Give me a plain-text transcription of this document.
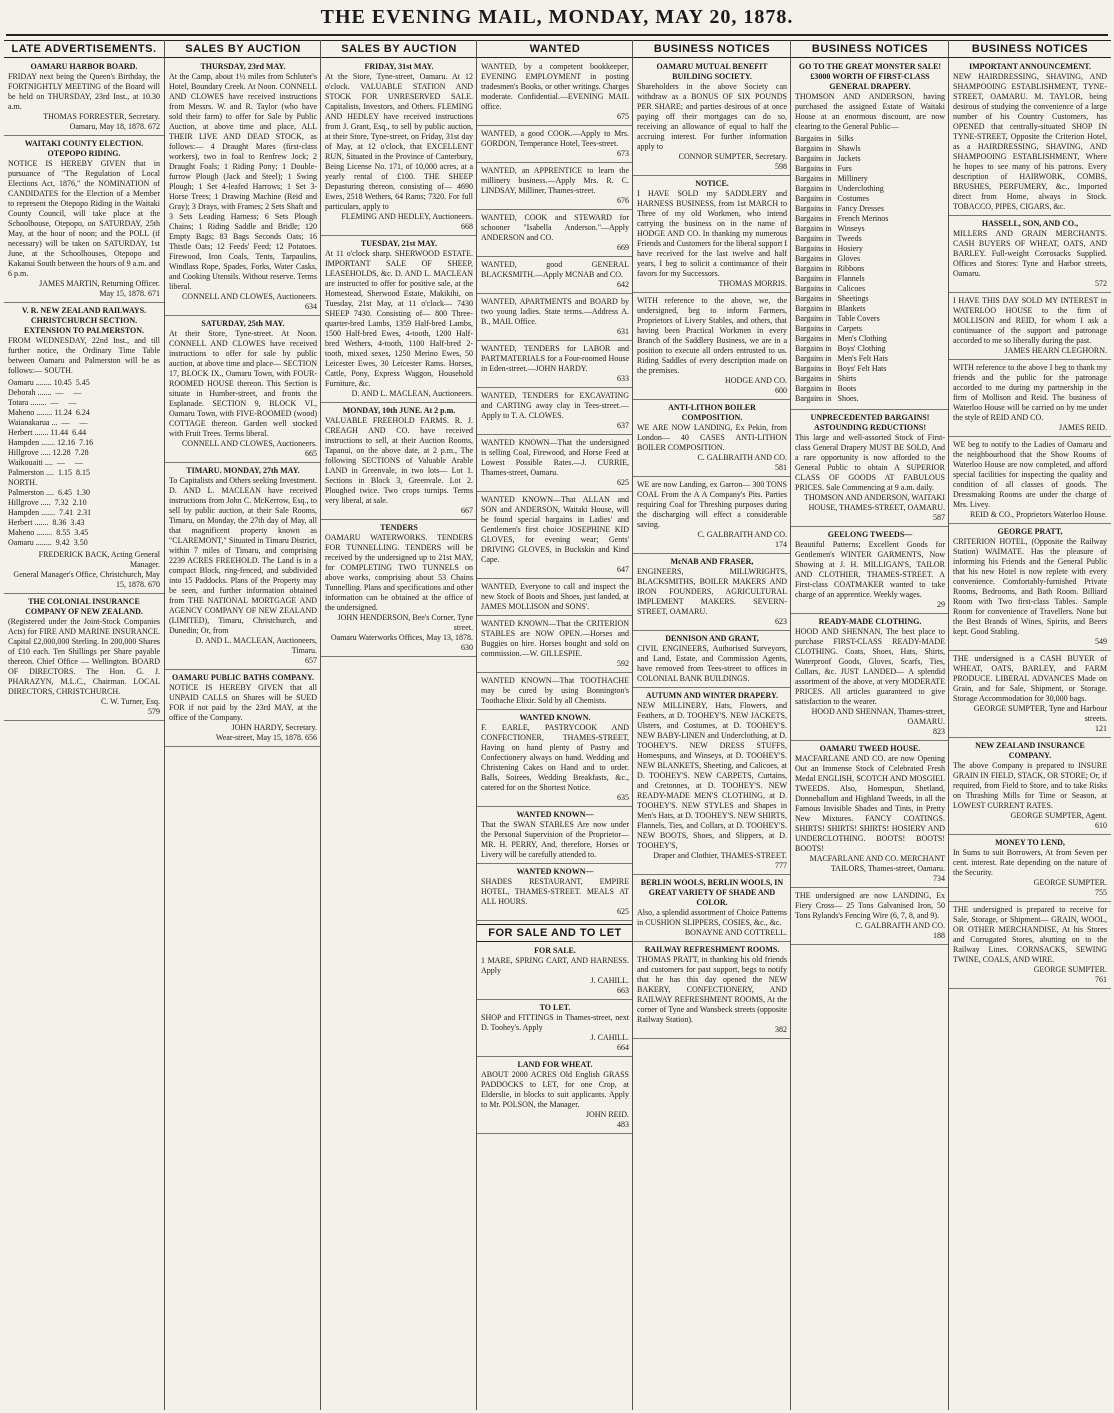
THE EVENING MAIL, MONDAY, MAY 20, 1878.
LATE ADVERTISEMENTS.
OAMARU HARBOR BOARD.
FRIDAY next being the Queen's Birthday, the FORTNIGHTLY MEETING of the Board will be held on THURSDAY, 23rd Inst., at 10.30 a.m.
THOMAS FORRESTER, Secretary.
Oamaru, May 18, 1878. 672
WAITAKI COUNTY ELECTION. OTEPOPO RIDING.
NOTICE IS HEREBY GIVEN that in pursuance of "The Regulation of Local Elections Act, 1876," the NOMINATION of CANDIDATES for the Election of a Member to represent the Otepopo Riding in the Waitaki County Council, will take place at the Schoolhouse, Otepopo, on SATURDAY, 25th May, at the hour of noon; and the POLL (if necessary) will be taken on SATURDAY, 1st June, at the Schoolhouses, Otepopo and Kakanui South between the hours of 9 a.m. and 6 p.m.
JAMES MARTIN, Returning Officer.
May 15, 1878. 671
V. R. NEW ZEALAND RAILWAYS. CHRISTCHURCH SECTION. EXTENSION TO PALMERSTON.
FROM WEDNESDAY, 22nd Inst., and till further notice, the Ordinary Time Table between Oamaru and Palmerston will be as follows:— SOUTH.
Oamaru ........ 10.45  5.45
Deborah .......  —     —
Totara ........  —     —
Maheno ........ 11.24  6.24
Waianakarua ...  —     —
Herbert ....... 11.44  6.44
Hampden ....... 12.16  7.16
Hillgrove ..... 12.28  7.28
Waikouaiti ....  —     —
Palmerston ....  1.15  8.15
NORTH.
Palmerston ....  6.45  1.30
Hillgrove .....  7.32  2.10
Hampden .......  7.41  2.31
Herbert .......  8.36  3.43
Maheno ........  8.55  3.45
Oamaru ........  9.42  3.50
FREDERICK BACK, Acting General Manager.
General Manager's Office, Christchurch, May 15, 1878. 670
THE COLONIAL INSURANCE COMPANY OF NEW ZEALAND.
(Registered under the Joint-Stock Companies Acts) for FIRE AND MARINE INSURANCE. Capital £2,000,000 Sterling. In 200,000 Shares of £10 each. Ten Shillings per Share payable thereon. Chief Office — Wellington. BOARD OF DIRECTORS. The Hon. G. J. PHARAZYN, M.L.C., Chairman. LOCAL DIRECTORS, CHRISTCHURCH.
C. W. Turner, Esq.
579
SALES BY AUCTION
THURSDAY, 23rd MAY.
At the Camp, about 1½ miles from Schluter's Hotel, Boundary Creek. At Noon. CONNELL AND CLOWES have received instructions from Messrs. W. and R. Taylor (who have sold their farm) to offer for Sale by Public Auction, at above time and place, ALL THEIR LIVE AND DEAD STOCK, as follows:— 4 Draught Mares (first-class workers), two in foal to Renfrew Jock; 2 Draught Foals; 1 Riding Pony; 1 Double-furrow Plough (Jack and Steel); 1 Swing Plough; 1 Set 4-leafed Harrows; 1 Set 3-Horse Trees; 1 Drawing Machine (Reid and Gray); 3 Drays, with Frames; 2 Sets Shaft and 3 Sets Leading Harness; 6 Sets Plough Chains; 1 Riding Saddle and Bridle; 120 Empty Bags; 83 Bags Seconds Oats; 16 Thistle Oats; 12 Feeds' Feed; 12 Potatoes. Firewood, Iron Coals, Tents, Tarpaulins, Windlass Rope, Spades, Forks, Water Casks, and Cooking Utensils. Without reserve. Terms liberal.
CONNELL AND CLOWES, Auctioneers.
634
SATURDAY, 25th MAY.
At their Store, Tyne-street. At Noon. CONNELL AND CLOWES have received instructions to offer for sale by public auction, at above time and place— SECTION 17, BLOCK IX., Oamaru Town, with FOUR-ROOMED HOUSE thereon. This Section is situate in Humber-street, and fronts the Esplanade. SECTION 9, BLOCK VI., Oamaru Town, with FIVE-ROOMED (wood) COTTAGE thereon. Garden well stocked with Fruit Trees. Terms liberal.
CONNELL AND CLOWES, Auctioneers.
665
TIMARU. MONDAY, 27th MAY.
To Capitalists and Others seeking Investment. D. AND L. MACLEAN have received instructions from John C. McKerrow, Esq., to sell by public auction, at their Sale Rooms, Timaru, on Monday, the 27th day of May, all that magnificent property known as "CLAREMONT," Situated in Timaru District, within 7 miles of Timaru, and comprising 2239 ACRES FREEHOLD. The Land is in a compact Block, ring-fenced, and subdivided into 15 Paddocks. Plans of the Property may be seen, and further information obtained from THE NATIONAL MORTGAGE AND AGENCY COMPANY OF NEW ZEALAND (LIMITED), Timaru, Christchurch, and Dunedin; Or, from
D. AND L. MACLEAN, Auctioneers, Timaru.
657
OAMARU PUBLIC BATHS COMPANY.
NOTICE IS HEREBY GIVEN that all UNPAID CALLS on Shares will be SUED FOR if not paid by the 23rd MAY, at the office of the Company.
JOHN HARDY, Secretary.
Wear-street, May 15, 1878. 656
SALES BY AUCTION
FRIDAY, 31st MAY.
At the Store, Tyne-street, Oamaru. At 12 o'clock. VALUABLE STATION AND STOCK FOR UNRESERVED SALE. Capitalists, Investors, and Others. FLEMING AND HEDLEY have received instructions from J. Grant, Esq., to sell by public auction, at their Store, Tyne-street, on Friday, 31st day of May, at 12 o'clock, that EXCELLENT RUN, Situated in the Province of Canterbury, Being License No. 171, of 10,000 acres, at a yearly rental of £100. THE SHEEP Depasturing thereon, consisting of— 4690 Ewes, 2518 Wethers, 64 Rams; 7320. For full particulars, apply to
FLEMING AND HEDLEY, Auctioneers.
668
TUESDAY, 21st MAY.
At 11 o'clock sharp. SHERWOOD ESTATE. IMPORTANT SALE OF SHEEP, LEASEHOLDS, &c. D. AND L. MACLEAN are instructed to offer for positive sale, at the Homestead, Sherwood Estate, Makikihi, on Tuesday, 21st May, at 11 o'clock— 7430 SHEEP 7430. Consisting of— 800 Three-quarter-bred Lambs, 1359 Half-bred Lambs, 1500 Half-bred Ewes, 4-tooth, 1200 Half-bred Wethers, 4-tooth, 1100 Half-bred 2-tooth, mixed sexes, 1250 Merino Ewes, 50 Leicester Ewes, 30 Leicester Rams. Horses, Cattle, Pony, Express Waggon, Household Furniture, &c.
D. AND L. MACLEAN, Auctioneers.
MONDAY, 10th JUNE. At 2 p.m.
VALUABLE FREEHOLD FARMS. R. J. CREAGH AND CO. have received instructions to sell, at their Auction Rooms, Tapanui, on the above date, at 2 p.m., The following SECTIONS of Valuable Arable LAND in Greenvale, in two lots— Lot 1. Sections in Block 3, Greenvale. Lot 2. Ploughed twice. Two crops turnips. Terms very liberal, at sale.
667
TENDERS
OAMARU WATERWORKS. TENDERS FOR TUNNELLING. TENDERS will be received by the undersigned up to 21st MAY, for COMPLETING TWO TUNNELS on above works, comprising about 53 Chains Tunnelling. Plans and specifications and other information can be obtained at the office of the undersigned.
JOHN HENDERSON, Bee's Corner, Tyne street.
Oamaru Waterworks Offices, May 13, 1878. 630
WANTED
WANTED, by a competent bookkeeper, EVENING EMPLOYMENT in posting tradesmen's Books, or other writings. Charges moderate. Confidential.—EVENING MAIL office.
675
WANTED, a good COOK.—Apply to Mrs. GORDON, Temperance Hotel, Tees-street.
673
WANTED, an APPRENTICE to learn the millinery business.—Apply Mrs. R. C. LINDSAY, Milliner, Thames-street.
676
WANTED, COOK and STEWARD for schooner "Isabella Anderson."—Apply ANDERSON and CO.
669
WANTED, good GENERAL BLACKSMITH.—Apply MCNAB and CO.
642
WANTED, APARTMENTS and BOARD by two young ladies. State terms.—Address A. B., MAIL Office.
631
WANTED, TENDERS for LABOR and PARTMATERIALS for a Four-roomed House in Eden-street.—JOHN HARDY.
633
WANTED, TENDERS for EXCAVATING and CARTING away clay in Tees-street.—Apply to T. A. CLOWES.
637
WANTED KNOWN—That the undersigned is selling Coal, Firewood, and Horse Feed at Lowest Possible Rates.—J. CURRIE, Thames-street, Oamaru.
625
WANTED KNOWN—That ALLAN and SON and ANDERSON, Waitaki House, will be found special bargains in Ladies' and Gentlemen's first choice JOSEPHINE KID GLOVES, for evening wear; Gents' DRIVING GLOVES, in Buckskin and Kind Cape.
647
WANTED, Everyone to call and inspect the new Stock of Boots and Shoes, just landed, at JAMES MOLLISON and SONS'.
WANTED KNOWN—That the CRITERION STABLES are NOW OPEN.—Horses and Buggies on hire. Horses bought and sold on commission.—W. GILLESPIE.
592
WANTED KNOWN—That TOOTHACHE may be cured by using Bonnington's Toothache Elixir. Sold by all Chemists.
WANTED KNOWN.
F. EARLE, PASTRYCOOK AND CONFECTIONER, THAMES-STREET, Having on hand plenty of Pastry and Confectionery always on hand. Wedding and Christening Cakes on Hand and to order. Balls, Soirees, Wedding Breakfasts, &c., catered for on the Shortest Notice.
635
WANTED KNOWN—
That the SWAN STABLES Are now under the Personal Supervision of the Proprietor—MR. H. PERRY, And, therefore, Horses or Livery will be carefully attended to.
WANTED KNOWN—
SHADES RESTAURANT, EMPIRE HOTEL, THAMES-STREET. MEALS AT ALL HOURS.
625
FOR SALE AND TO LET
FOR SALE.
1 MARE, SPRING CART, AND HARNESS. Apply
J. CAHILL.
663
TO LET.
SHOP and FITTINGS in Thames-street, next D. Toohey's. Apply
J. CAHILL.
664
LAND FOR WHEAT.
ABOUT 2000 ACRES Old English GRASS PADDOCKS to LET, for one Crop, at Elderslie, in blocks to suit applicants. Apply to Mr. POLSON, the Manager.
JOHN REID.
483
BUSINESS NOTICES
OAMARU MUTUAL BENEFIT BUILDING SOCIETY.
Shareholders in the above Society can withdraw as a BONUS OF SIX POUNDS PER SHARE; and parties desirous of at once paying off their mortgages can do so, receiving an allowance of equal to half the accruing interest. For further information apply to
CONNOR SUMPTER, Secretary.
598
NOTICE.
I HAVE SOLD my SADDLERY and HARNESS BUSINESS, from 1st MARCH to Three of my old Workmen, who intend carrying the business on in the name of HODGE AND CO. In thanking my numerous Friends and Customers for the liberal support I have received for the last twelve and half years, I beg to solicit a continuance of their favors for my Successors.
THOMAS MORRIS.
WITH reference to the above, we, the undersigned, beg to inform Farmers, Proprietors of Livery Stables, and others, that having been Practical Workmen in every Branch of the Saddlery Business, we are in a position to execute all orders entrusted to us. Riding Saddles of every description made on the premises.
HODGE AND CO.
600
ANTI-LITHON BOILER COMPOSITION.
WE ARE NOW LANDING, Ex Pekin, from London— 40 CASES ANTI-LITHON BOILER COMPOSITION.
C. GALBRAITH AND CO.
581
WE are now Landing, ex Garron— 300 TONS COAL From the A A Company's Pits. Parties requiring Coal for Threshing purposes during the discharging will effect a considerable saving.
C. GALBRAITH AND CO.
174
McNAB AND FRASER,
ENGINEERS, MILLWRIGHTS, BLACKSMITHS, BOILER MAKERS AND IRON FOUNDERS, AGRICULTURAL IMPLEMENT MAKERS. SEVERN-STREET, OAMARU.
623
DENNISON AND GRANT,
CIVIL ENGINEERS, Authorised Surveyors, and Land, Estate, and Commission Agents, have removed from Tees-street to offices in COLONIAL BANK BUILDINGS.
AUTUMN AND WINTER DRAPERY.
NEW MILLINERY, Hats, Flowers, and Feathers, at D. TOOHEY'S. NEW JACKETS, Ulsters, and Costumes, at D. TOOHEY'S. NEW BABY-LINEN and Underclothing, at D. TOOHEY'S. NEW DRESS STUFFS, Homespuns, and Winseys, at D. TOOHEY'S. NEW BLANKETS, Sheeting, and Calicoes, at D. TOOHEY'S. NEW CARPETS, Curtains, and Cretonnes, at D. TOOHEY'S. NEW READY-MADE MEN'S CLOTHING, at D. TOOHEY'S. NEW STYLES and Shapes in Men's Hats, at D. TOOHEY'S. NEW SHIRTS, Flannels, Ties, and Collars, at D. TOOHEY'S. NEW BOOTS, Shoes, and Slippers, at D. TOOHEY'S,
Draper and Clothier, THAMES-STREET.
777
BERLIN WOOLS, BERLIN WOOLS, IN GREAT VARIETY OF SHADE AND COLOR.
Also, a splendid assortment of Choice Patterns in CUSHION SLIPPERS, COSIES, &c., &c.
BONAYNE AND COTTRELL.
RAILWAY REFRESHMENT ROOMS.
THOMAS PRATT, in thanking his old friends and customers for past support, begs to notify that he has this day opened the NEW BAKERY, CONFECTIONERY, AND RAILWAY REFRESHMENT ROOMS, At the corner of Tyne and Wansbeck streets (opposite Railway Station).
382
BUSINESS NOTICES
GO TO THE GREAT MONSTER SALE! £3000 WORTH OF FIRST-CLASS GENERAL DRAPERY.
THOMSON AND ANDERSON, having purchased the assigned Estate of Waitaki House at an enormous discount, are now clearing to the General Public—
Bargains in   Silks
Bargains in   Shawls
Bargains in   Jackets
Bargains in   Furs
Bargains in   Millinery
Bargains in   Underclothing
Bargains in   Costumes
Bargains in   Fancy Dresses
Bargains in   French Merinos
Bargains in   Winseys
Bargains in   Tweeds
Bargains in   Hosiery
Bargains in   Gloves
Bargains in   Ribbons
Bargains in   Flannels
Bargains in   Calicoes
Bargains in   Sheetings
Bargains in   Blankets
Bargains in   Table Covers
Bargains in   Carpets
Bargains in   Men's Clothing
Bargains in   Boys' Clothing
Bargains in   Men's Felt Hats
Bargains in   Boys' Felt Hats
Bargains in   Shirts
Bargains in   Boots
Bargains in   Shoes.
UNPRECEDENTED BARGAINS! ASTOUNDING REDUCTIONS!
This large and well-assorted Stock of First-class General Drapery MUST BE SOLD, And a rare opportunity is now afforded to the General Public to obtain A SUPERIOR CLASS OF GOODS AT FABULOUS PRICES. Sale Commencing at 9 a.m. daily.
THOMSON AND ANDERSON, WAITAKI HOUSE, THAMES-STREET, OAMARU.
587
GEELONG TWEEDS—
Beautiful Patterns; Excellent Goods for Gentlemen's WINTER GARMENTS, Now Showing at J. H. MILLIGAN'S, TAILOR AND CLOTHIER, THAMES-STREET. A First-class COATMAKER wanted to take charge of an apprentice. Weekly wages.
29
READY-MADE CLOTHING.
HOOD AND SHENNAN, The best place to purchase FIRST-CLASS READY-MADE CLOTHING. Coats, Shoes, Hats, Shirts, Waterproof Goods, Gloves, Scarfs, Ties, Collars, &c. JUST LANDED— A splendid assortment of the above, at very MODERATE PRICES. All articles guaranteed to give satisfaction to the wearer.
HOOD AND SHENNAN, Thames-street, OAMARU.
823
OAMARU TWEED HOUSE.
MACFARLANE AND CO. are now Opening Out an Immense Stock of Celebrated Fresh Medal ENGLISH, SCOTCH AND MOSGIEL TWEEDS. Also, Homespun, Shetland, Donneballum and Highland Tweeds, in all the Famous Invisible Shades and Tints, in Pretty New Mixtures. FANCY COATINGS. SHIRTS! SHIRTS! SHIRTS! HOSIERY AND UNDERCLOTHING. BOOTS! BOOTS! BOOTS!
MACFARLANE AND CO. MERCHANT TAILORS, Thames-street, Oamaru.
734
THE undersigned are now LANDING, Ex Fiery Cross— 25 Tons Galvanised Iron, 50 Tons Rylands's Fencing Wire (6, 7, 8, and 9).
C. GALBRAITH AND CO.
188
BUSINESS NOTICES
IMPORTANT ANNOUNCEMENT.
NEW HAIRDRESSING, SHAVING, AND SHAMPOOING ESTABLISHMENT, TYNE-STREET, OAMARU. M. TAYLOR, being desirous of studying the convenience of a large number of his Country Customers, has OPENED that centrally-situated SHOP IN TYNE-STREET, Opposite the Criterion Hotel, as a HAIRDRESSING, SHAVING, AND SHAMPOOING ESTABLISHMENT, Where he hopes to see many of his patrons. Every description of HAIRWORK, COMBS, BRUSHES, PERFUMERY, &c., Imported direct from Home, always in Stock. TOBACCO, PIPES, CIGARS, &c.
HASSELL, SON, AND CO.,
MILLERS AND GRAIN MERCHANTS. CASH BUYERS OF WHEAT, OATS, AND BARLEY. Full-weight Corrosacks Supplied. Offices and Stores: Tyne and Harbor streets, Oamaru.
572
I HAVE THIS DAY SOLD MY INTEREST in WATERLOO HOUSE to the firm of MOLLISON and REID, for whom I ask a continuance of the support and patronage accorded to me so liberally during the past.
JAMES HEARN CLEGHORN.
WITH reference to the above I beg to thank my friends and the public for the patronage accorded to me during my partnership in the firm of Mollison and Reid. The business of Waterloo House will be carried on by me under the style of REID AND CO.
JAMES REID.
WE beg to notify to the Ladies of Oamaru and the neighbourhood that the Show Rooms of Waterloo House are now completed, and afford special facilities for inspecting the quality and condition of all classes of goods. The Dressmaking Rooms are under the charge of Mrs. Livey.
REID & CO., Proprietors Waterloo House.
GEORGE PRATT,
CRITERION HOTEL, (Opposite the Railway Station) WAIMATE. Has the pleasure of informing his Friends and the General Public that his new Hotel is now replete with every convenience. Comfortably-furnished Private Rooms, Bedrooms, and Bath Room. Billiard Room with Two first-class Tables. Sample Room for convenience of Travellers. None but the Best Brands of Wines, Spirits, and Beers kept. Good Stabling.
549
THE undersigned is a CASH BUYER of WHEAT, OATS, BARLEY, and FARM PRODUCE. LIBERAL ADVANCES Made on Grain, and for Sale, Shipment, or Storage. Storage Accommodation for 30,000 bags.
GEORGE SUMPTER, Tyne and Harbour streets.
121
NEW ZEALAND INSURANCE COMPANY.
The above Company is prepared to INSURE GRAIN IN FIELD, STACK, OR STORE; Or, if required, from Field to Store, and to take Risks on Thrashing Mills for Time or Season, at LOWEST CURRENT RATES.
GEORGE SUMPTER, Agent.
610
MONEY TO LEND,
In Sums to suit Borrowers, At from Seven per cent. interest. Rate depending on the nature of the Security.
GEORGE SUMPTER.
755
THE undersigned is prepared to receive for Sale, Storage, or Shipment— GRAIN, WOOL, OR OTHER MERCHANDISE, At his Stores and Corrugated Stores, abutting on to the Railway Lines. CORNSACKS, SEWING TWINE, COALS, AND WIRE.
GEORGE SUMPTER.
761
